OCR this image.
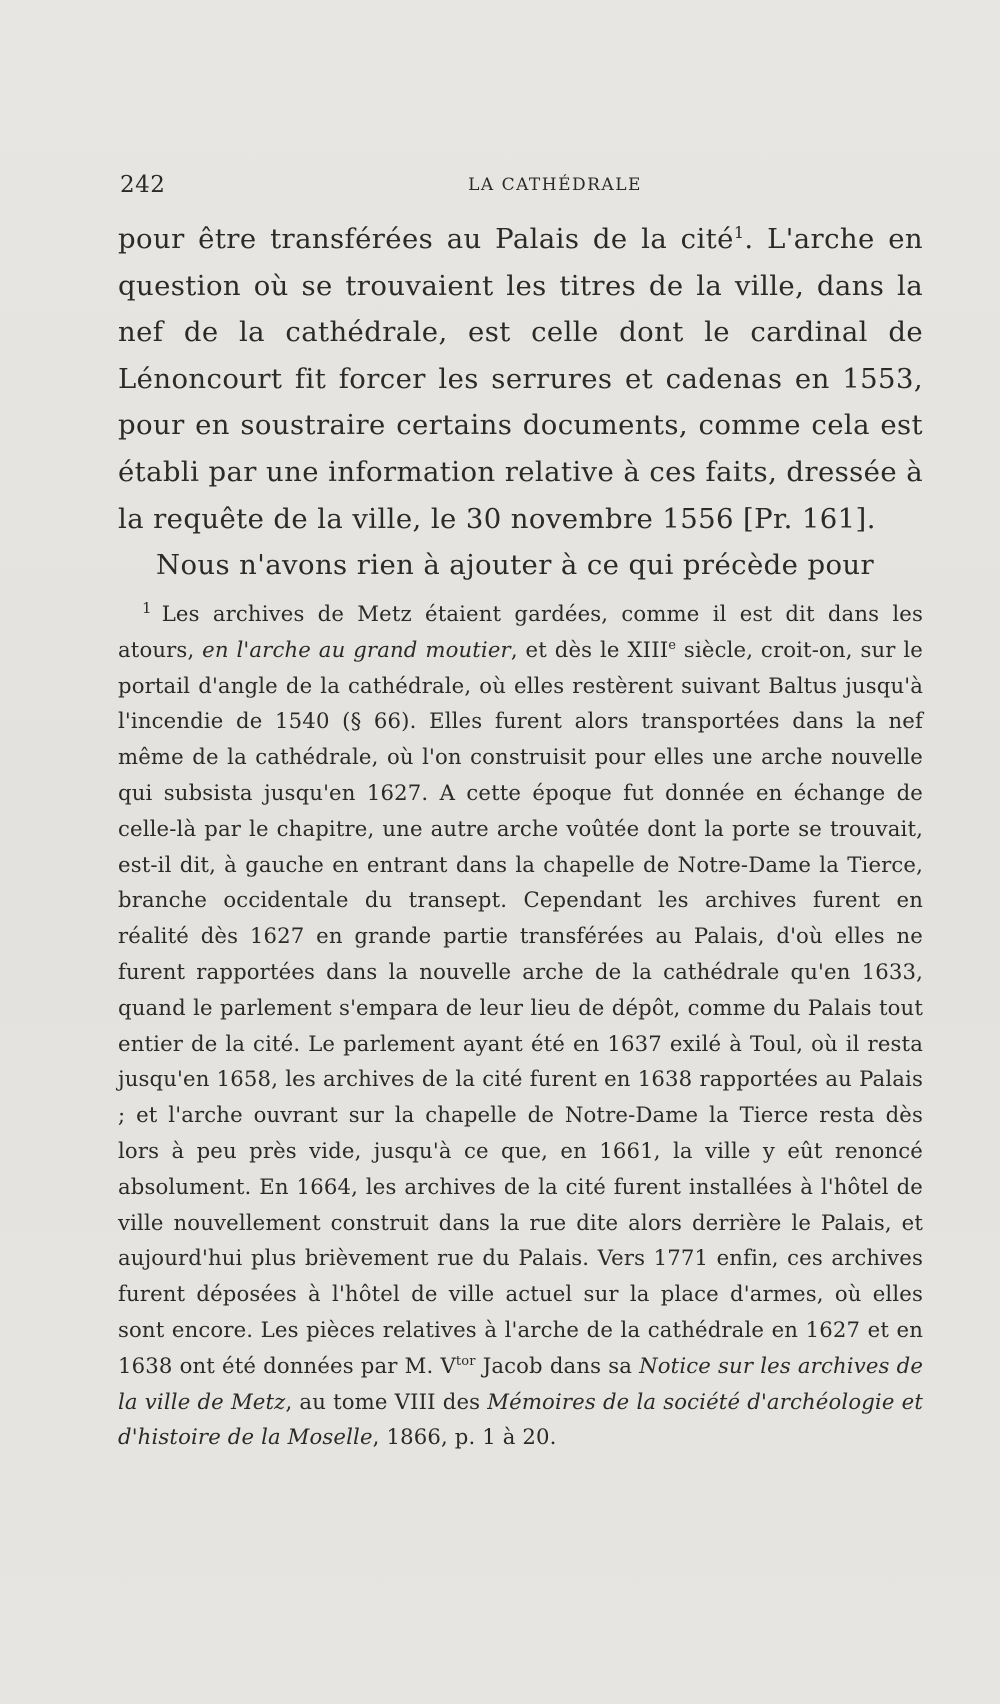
242	LA CATHÉDRALE

pour être transférées au Palais de la cité$^1$. L'arche en question où se trouvaient les titres de la ville, dans la nef de la cathédrale, est celle dont le cardinal de Lénoncourt fit forcer les serrures et cadenas en 1553, pour en soustraire certains documents, comme cela est établi par une information relative à ces faits, dressée à la requête de la ville, le 30 novembre 1556 [Pr. 161].

Nous n'avons rien à ajouter à ce qui précède pour

$^1$ Les archives de Metz étaient gardées, comme il est dit dans les atours, en l'arche au grand moutier, et dès le XIIIe siècle, croit-on, sur le portail d'angle de la cathédrale, où elles restèrent suivant Baltus jusqu'à l'incendie de 1540 (§ 66). Elles furent alors transportées dans la nef même de la cathédrale, où l'on construisit pour elles une arche nouvelle qui subsista jusqu'en 1627. A cette époque fut donnée en échange de celle-là par le chapitre, une autre arche voûtée dont la porte se trouvait, est-il dit, à gauche en entrant dans la chapelle de Notre-Dame la Tierce, branche occidentale du transept. Cependant les archives furent en réalité dès 1627 en grande partie transférées au Palais, d'où elles ne furent rapportées dans la nouvelle arche de la cathédrale qu'en 1633, quand le parlement s'empara de leur lieu de dépôt, comme du Palais tout entier de la cité. Le parlement ayant été en 1637 exilé à Toul, où il resta jusqu'en 1658, les archives de la cité furent en 1638 rapportées au Palais ; et l'arche ouvrant sur la chapelle de Notre-Dame la Tierce resta dès lors à peu près vide, jusqu'à ce que, en 1661, la ville y eût renoncé absolument. En 1664, les archives de la cité furent installées à l'hôtel de ville nouvellement construit dans la rue dite alors derrière le Palais, et aujourd'hui plus brièvement rue du Palais. Vers 1771 enfin, ces archives furent déposées à l'hôtel de ville actuel sur la place d'armes, où elles sont encore. Les pièces relatives à l'arche de la cathédrale en 1627 et en 1638 ont été données par M. $V^{tor}$ Jacob dans sa Notice sur les archives de la ville de Metz, au tome VIII des Mémoires de la société d'archéologie et d'histoire de la Moselle, 1866, p. 1 à 20.
